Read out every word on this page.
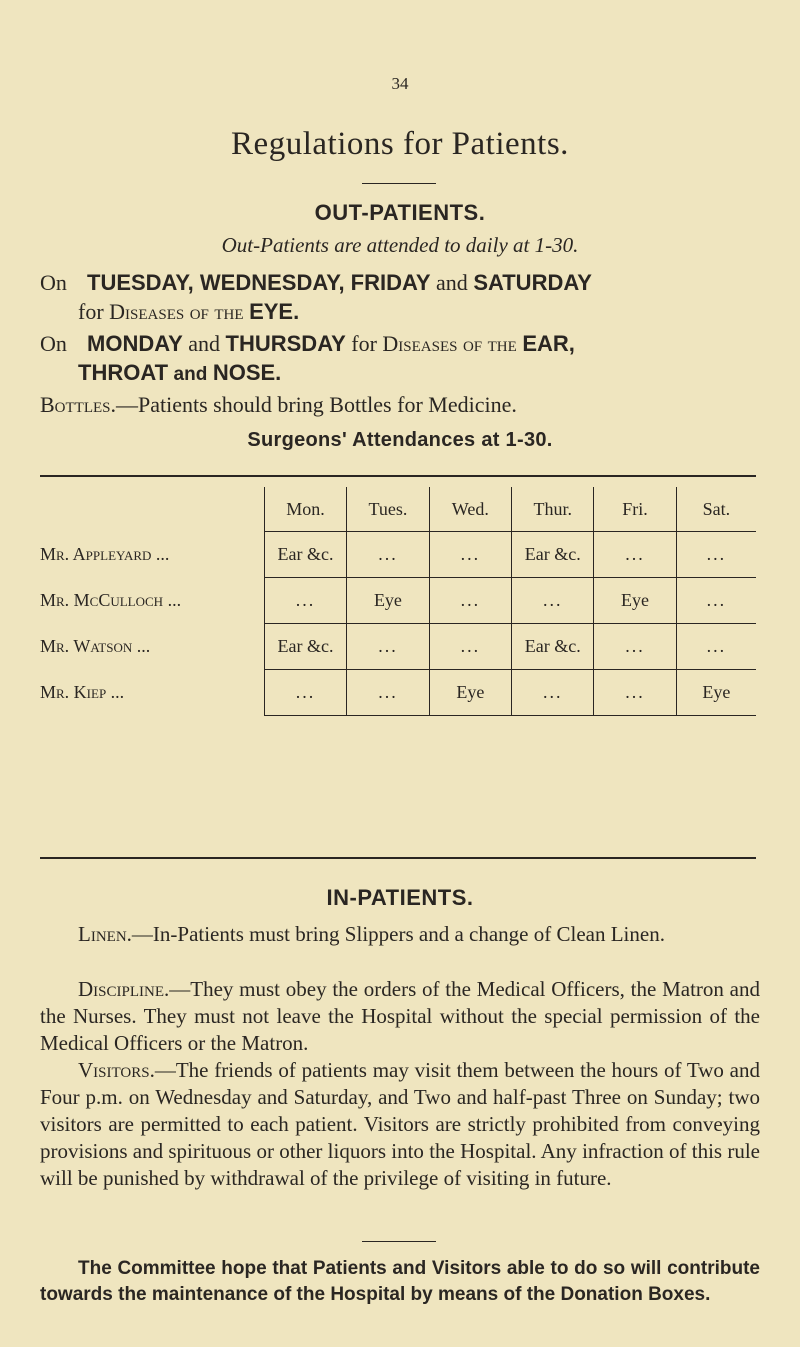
34
Regulations for Patients.
OUT-PATIENTS.
Out-Patients are attended to daily at 1-30.
On TUESDAY, WEDNESDAY, FRIDAY and SATURDAY
for Diseases of the EYE.
On MONDAY and THURSDAY for Diseases of the EAR,
THROAT and NOSE.
Bottles.—Patients should bring Bottles for Medicine.
Surgeons' Attendances at 1-30.
	Mon.	Tues.	Wed.	Thur.	Fri.	Sat.
Mr. Appleyard ...	Ear &c.	...	...	Ear &c.	...	...
Mr. McCulloch ...	...	Eye	...	...	Eye	...
Mr. Watson ...	Ear &c.	...	...	Ear &c.	...	...
Mr. Kiep ...	...	...	Eye	...	...	Eye
IN-PATIENTS.
Linen.—In-Patients must bring Slippers and a change of Clean Linen.
Discipline.—They must obey the orders of the Medical Officers, the Matron and the Nurses. They must not leave the Hospital without the special permission of the Medical Officers or the Matron.
Visitors.—The friends of patients may visit them between the hours of Two and Four p.m. on Wednesday and Saturday, and Two and half-past Three on Sunday; two visitors are permitted to each patient. Visitors are strictly prohibited from conveying provisions and spirituous or other liquors into the Hospital. Any infraction of this rule will be punished by withdrawal of the privilege of visiting in future.
The Committee hope that Patients and Visitors able to do so will contribute towards the maintenance of the Hospital by means of the Donation Boxes.
